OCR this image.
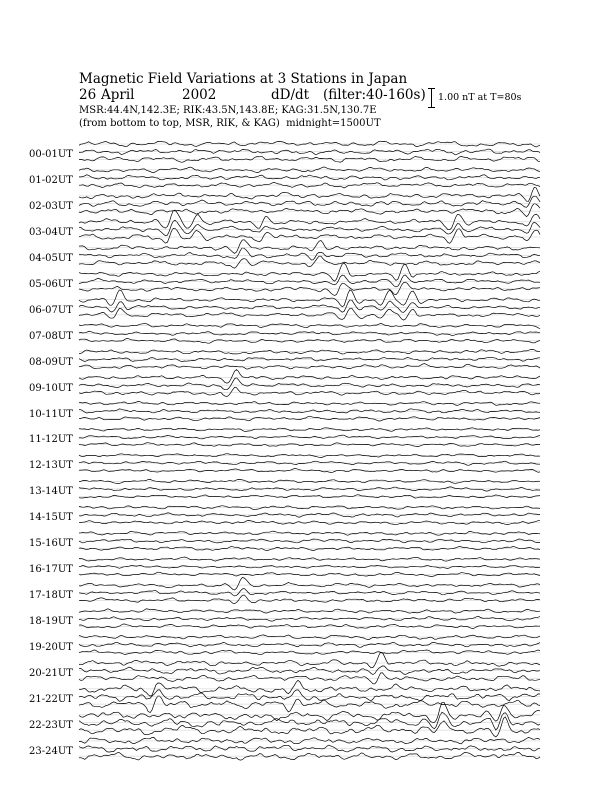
Magnetic Field Variations at 3 Stations in Japan
26 April	2002	dD/dt (filter:40-160s)
MSR:44.4N,142.3E; RIK:43.5N,143.8E; KAG:31.5N,130.7E
(from bottom to top, MSR, RIK, & KAG) midnight=1500UT
1.00 nT at T=80s
00-01UT
01-02UT
02-03UT
03-04UT
04-05UT
05-06UT
06-07UT
07-08UT
08-09UT
09-10UT
10-11UT
11-12UT
12-13UT
13-14UT
14-15UT
15-16UT
16-17UT
17-18UT
18-19UT
19-20UT
20-21UT
21-22UT
22-23UT
23-24UT
